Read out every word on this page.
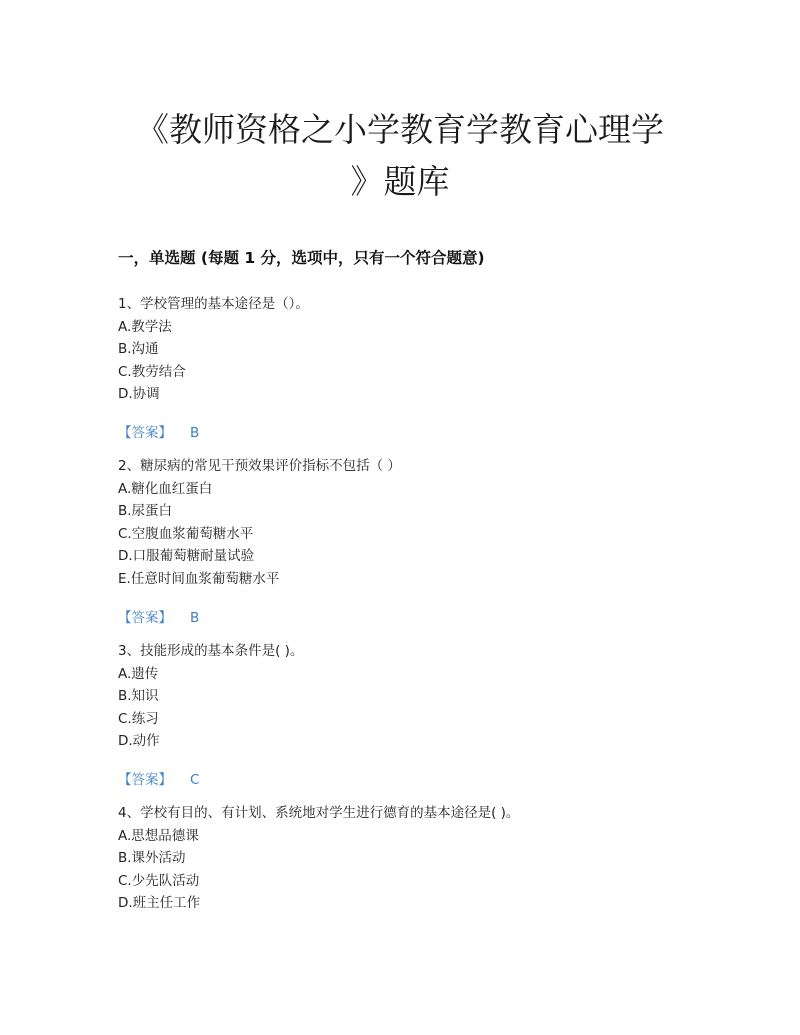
《教师资格之小学教育学教育心理学
》题库
一，单选题 (每题 1 分，选项中，只有一个符合题意)
1、学校管理的基本途径是（）。
A.教学法
B.沟通
C.教劳结合
D.协调
【答案】 B
2、糖尿病的常见干预效果评价指标不包括（ ）
A.糖化血红蛋白
B.尿蛋白
C.空腹血浆葡萄糖水平
D.口服葡萄糖耐量试验
E.任意时间血浆葡萄糖水平
【答案】 B
3、技能形成的基本条件是( )。
A.遗传
B.知识
C.练习
D.动作
【答案】 C
4、学校有目的、有计划、系统地对学生进行德育的基本途径是( )。
A.思想品德课
B.课外活动
C.少先队活动
D.班主任工作
